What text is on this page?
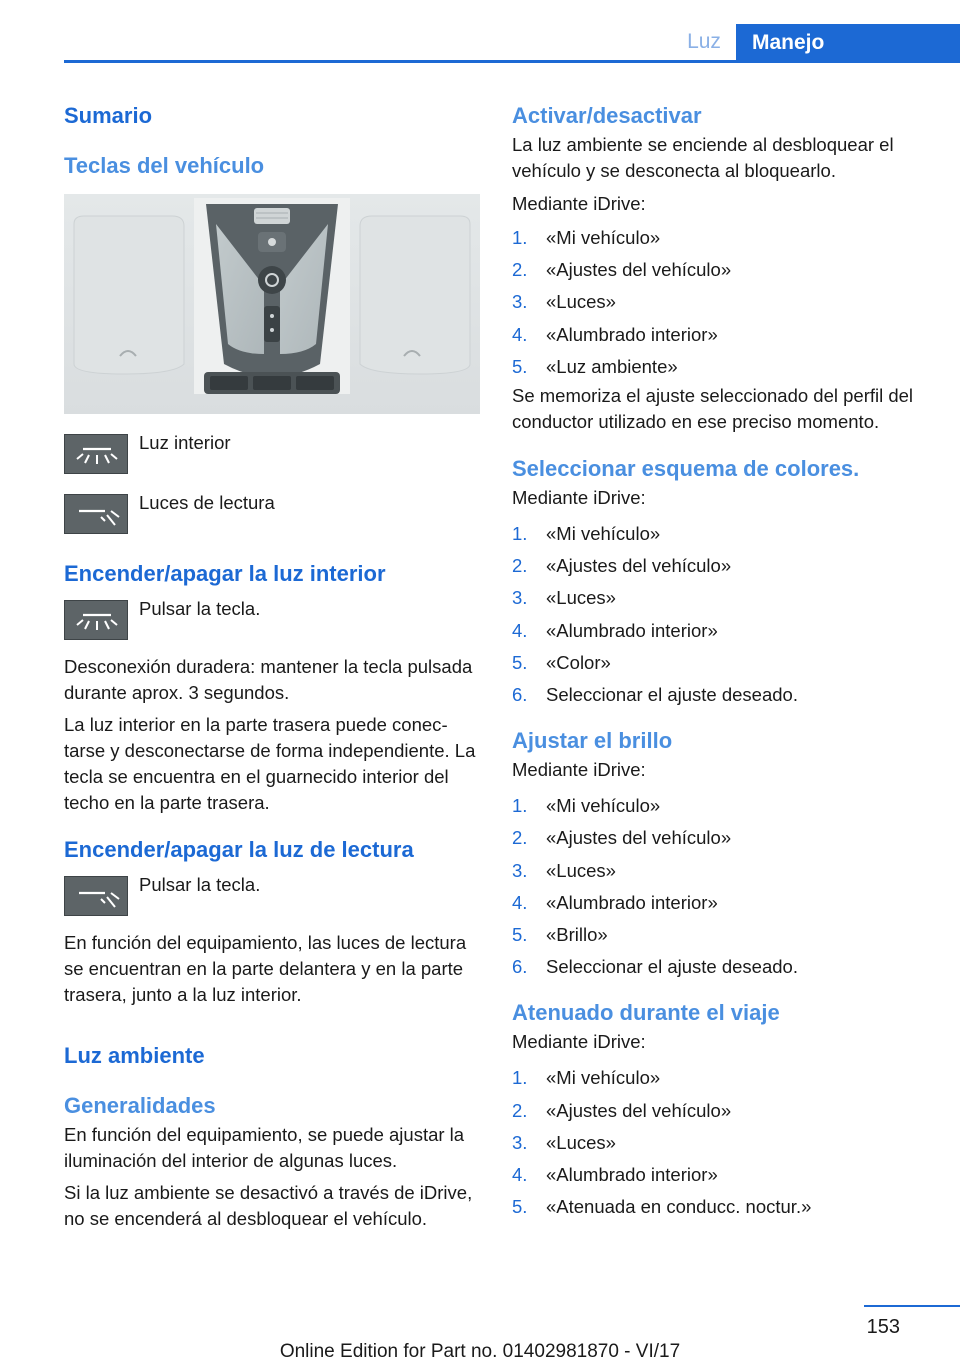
Luz	Manejo
Sumario
Teclas del vehículo
Luz interior
Luces de lectura
Encender/apagar la luz interior
Pulsar la tecla.
Desconexión duradera: mantener la tecla pulsada durante aprox. 3 segundos.
La luz interior en la parte trasera puede conectarse y desconectarse de forma independiente. La tecla se encuentra en el guarnecido interior del techo en la parte trasera.
Encender/apagar la luz de lectura
Pulsar la tecla.
En función del equipamiento, las luces de lectura se encuentran en la parte delantera y en la parte trasera, junto a la luz interior.
Luz ambiente
Generalidades
En función del equipamiento, se puede ajustar la iluminación del interior de algunas luces.
Si la luz ambiente se desactivó a través de iDrive, no se encenderá al desbloquear el vehículo.
Activar/desactivar
La luz ambiente se enciende al desbloquear el vehículo y se desconecta al bloquearlo.
Mediante iDrive:
1. «Mi vehículo»
2. «Ajustes del vehículo»
3. «Luces»
4. «Alumbrado interior»
5. «Luz ambiente»
Se memoriza el ajuste seleccionado del perfil del conductor utilizado en ese preciso momento.
Seleccionar esquema de colores.
Mediante iDrive:
1. «Mi vehículo»
2. «Ajustes del vehículo»
3. «Luces»
4. «Alumbrado interior»
5. «Color»
6. Seleccionar el ajuste deseado.
Ajustar el brillo
Mediante iDrive:
1. «Mi vehículo»
2. «Ajustes del vehículo»
3. «Luces»
4. «Alumbrado interior»
5. «Brillo»
6. Seleccionar el ajuste deseado.
Atenuado durante el viaje
Mediante iDrive:
1. «Mi vehículo»
2. «Ajustes del vehículo»
3. «Luces»
4. «Alumbrado interior»
5. «Atenuada en conducc. noctur.»
153
Online Edition for Part no. 01402981870 - VI/17
